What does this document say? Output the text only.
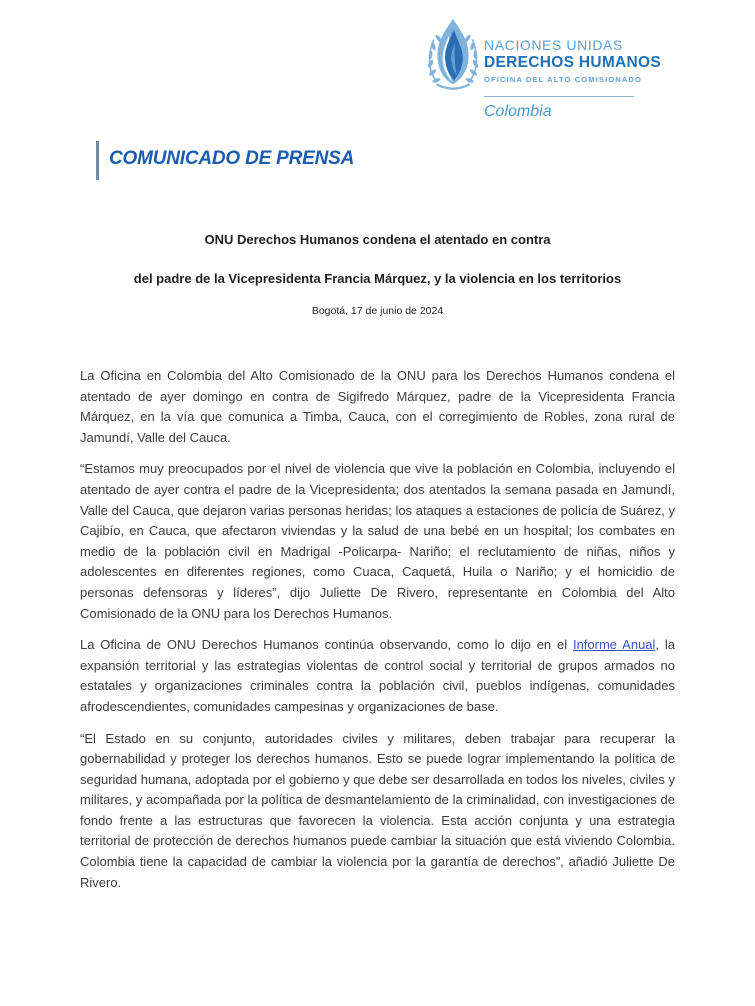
NACIONES UNIDAS

DERECHOS HUMANOS

OFICINA DEL ALTO COMISIONADO

Colombia
COMUNICADO DE PRENSA

ONU Derechos Humanos condena el atentado en contra

del padre de la Vicepresidenta Francia Márquez, y la violencia en los territorios

Bogotá, 17 de junio de 2024

La Oficina en Colombia del Alto Comisionado de la ONU para los Derechos Humanos condena el atentado de ayer domingo en contra de Sigifredo Márquez, padre de la Vicepresidenta Francia Márquez, en la vía que comunica a Timba, Cauca, con el corregimiento de Robles, zona rural de Jamundí, Valle del Cauca.

“Estamos muy preocupados por el nivel de violencia que vive la población en Colombia, incluyendo el atentado de ayer contra el padre de la Vicepresidenta; dos atentados la semana pasada en Jamundí, Valle del Cauca, que dejaron varias personas heridas; los ataques a estaciones de policía de Suárez, y Cajibío, en Cauca, que afectaron viviendas y la salud de una bebé en un hospital; los combates en medio de la población civil en Madrigal -Policarpa- Nariño; el reclutamiento de niñas, niños y adolescentes en diferentes regiones, como Cuaca, Caquetá, Huila o Nariño; y el homicidio de personas defensoras y líderes”, dijo Juliette De Rivero, representante en Colombia del Alto Comisionado de la ONU para los Derechos Humanos.

La Oficina de ONU Derechos Humanos continúa observando, como lo dijo en el Informe Anual, la expansión territorial y las estrategias violentas de control social y territorial de grupos armados no estatales y organizaciones criminales contra la población civil, pueblos indígenas, comunidades afrodescendientes, comunidades campesinas y organizaciones de base.

“El Estado en su conjunto, autoridades civiles y militares, deben trabajar para recuperar la gobernabilidad y proteger los derechos humanos. Esto se puede lograr implementando la política de seguridad humana, adoptada por el gobierno y que debe ser desarrollada en todos los niveles, civiles y militares, y acompañada por la política de desmantelamiento de la criminalidad, con investigaciones de fondo frente a las estructuras que favorecen la violencia. Esta acción conjunta y una estrategia territorial de protección de derechos humanos puede cambiar la situación que está viviendo Colombia. Colombia tiene la capacidad de cambiar la violencia por la garantía de derechos”, añadió Juliette De Rivero.
